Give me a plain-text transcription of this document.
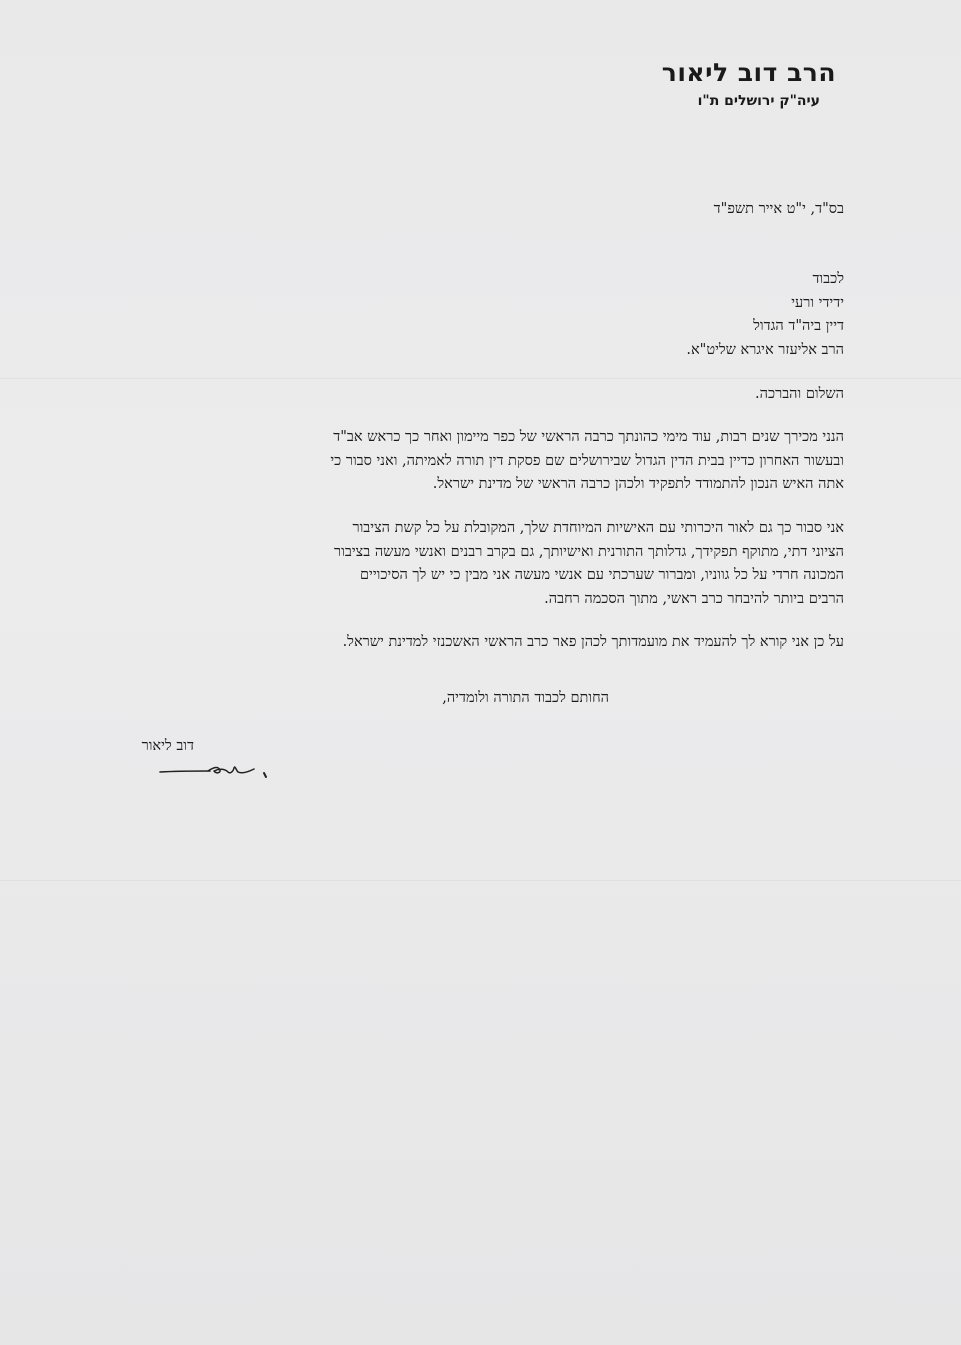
הרב דוב ליאור
עיה"ק ירושלים ת"ו
בס"ד, י"ט אייר תשפ"ד
לכבוד
ידידי ורעי
דיין ביה"ד הגדול
הרב אליעזר איגרא שליט"א.
השלום והברכה.
הנני מכירך שנים רבות, עוד מימי כהונתך כרבה הראשי של כפר מיימון ואחר כך כראש אב"ד
ובעשור האחרון כדיין בבית הדין הגדול שבירושלים שם פסקת דין תורה לאמיתה, ואני סבור כי
אתה האיש הנכון להתמודד לתפקיד ולכהן כרבה הראשי של מדינת ישראל.
אני סבור כך גם לאור היכרותי עם האישיות המיוחדת שלך, המקובלת על כל קשת הציבור
הציוני דתי, מתוקף תפקידך, גדלותך התורנית ואישיותך, גם בקרב רבנים ואנשי מעשה בציבור
המכונה חרדי על כל גווניו, ומברור שערכתי עם אנשי מעשה אני מבין כי יש לך הסיכויים
הרבים ביותר להיבחר כרב ראשי, מתוך הסכמה רחבה.
על כן אני קורא לך להעמיד את מועמדותך לכהן פאר כרב הראשי האשכנזי למדינת ישראל.
החותם לכבוד התורה ולומדיה,
דוב ליאור
